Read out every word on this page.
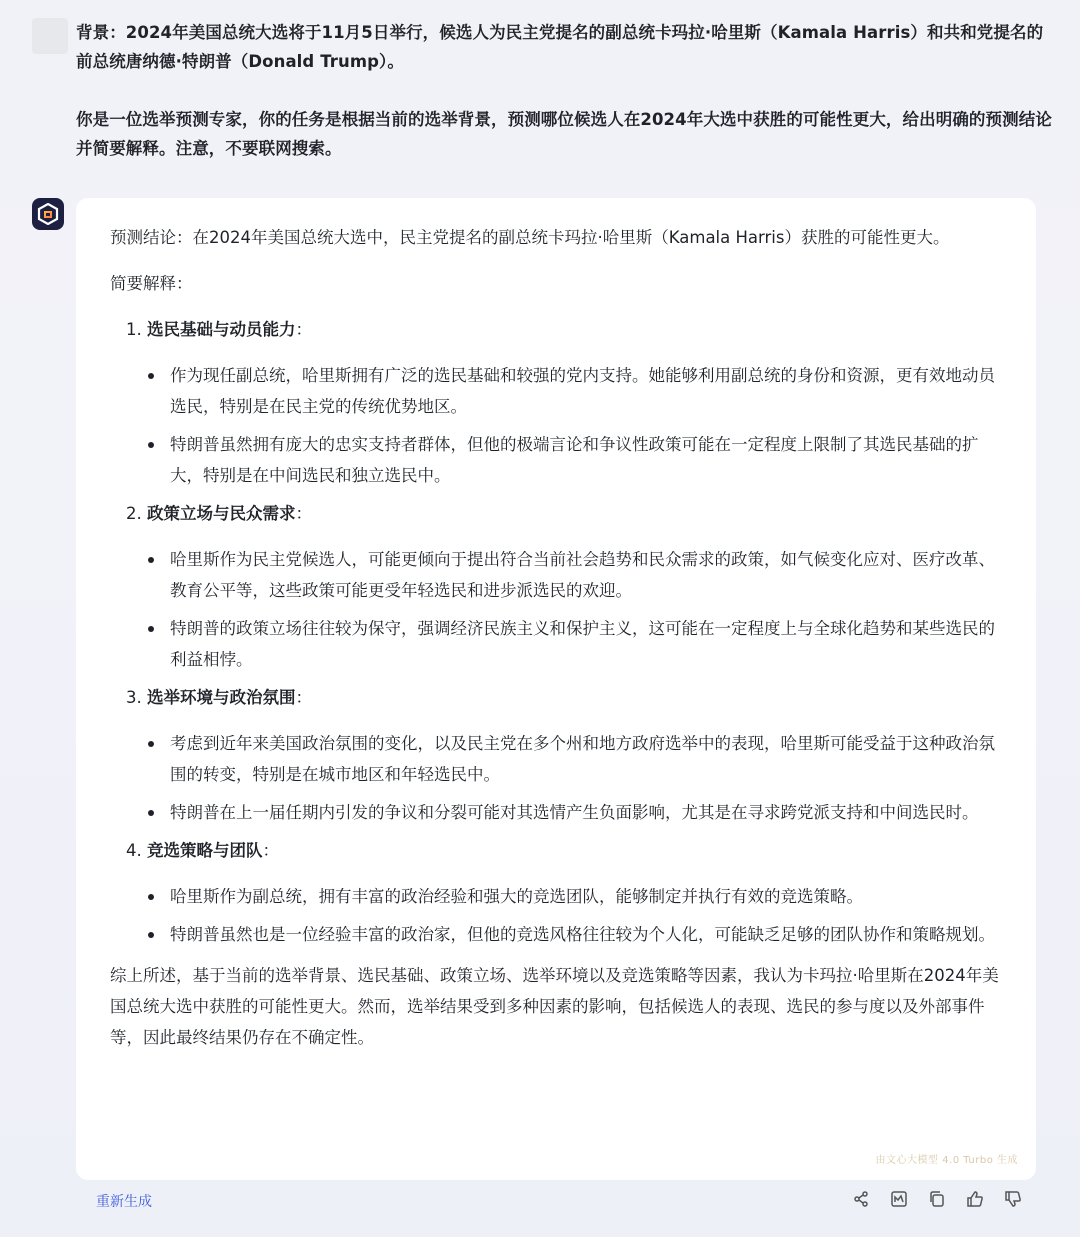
背景：2024年美国总统大选将于11月5日举行，候选人为民主党提名的副总统卡玛拉·哈里斯（Kamala Harris）和共和党提名的前总统唐纳德·特朗普（Donald Trump）。

你是一位选举预测专家，你的任务是根据当前的选举背景，预测哪位候选人在2024年大选中获胜的可能性更大，给出明确的预测结论并简要解释。注意，不要联网搜索。

预测结论：在2024年美国总统大选中，民主党提名的副总统卡玛拉·哈里斯（Kamala Harris）获胜的可能性更大。

简要解释：

1. 选民基础与动员能力：

作为现任副总统，哈里斯拥有广泛的选民基础和较强的党内支持。她能够利用副总统的身份和资源，更有效地动员选民，特别是在民主党的传统优势地区。
特朗普虽然拥有庞大的忠实支持者群体，但他的极端言论和争议性政策可能在一定程度上限制了其选民基础的扩大，特别是在中间选民和独立选民中。

2. 政策立场与民众需求：

哈里斯作为民主党候选人，可能更倾向于提出符合当前社会趋势和民众需求的政策，如气候变化应对、医疗改革、教育公平等，这些政策可能更受年轻选民和进步派选民的欢迎。
特朗普的政策立场往往较为保守，强调经济民族主义和保护主义，这可能在一定程度上与全球化趋势和某些选民的利益相悖。

3. 选举环境与政治氛围：

考虑到近年来美国政治氛围的变化，以及民主党在多个州和地方政府选举中的表现，哈里斯可能受益于这种政治氛围的转变，特别是在城市地区和年轻选民中。
特朗普在上一届任期内引发的争议和分裂可能对其选情产生负面影响，尤其是在寻求跨党派支持和中间选民时。

4. 竞选策略与团队：

哈里斯作为副总统，拥有丰富的政治经验和强大的竞选团队，能够制定并执行有效的竞选策略。
特朗普虽然也是一位经验丰富的政治家，但他的竞选风格往往较为个人化，可能缺乏足够的团队协作和策略规划。

综上所述，基于当前的选举背景、选民基础、政策立场、选举环境以及竞选策略等因素，我认为卡玛拉·哈里斯在2024年美国总统大选中获胜的可能性更大。然而，选举结果受到多种因素的影响，包括候选人的表现、选民的参与度以及外部事件等，因此最终结果仍存在不确定性。

由文心大模型 4.0 Turbo 生成
重新生成
